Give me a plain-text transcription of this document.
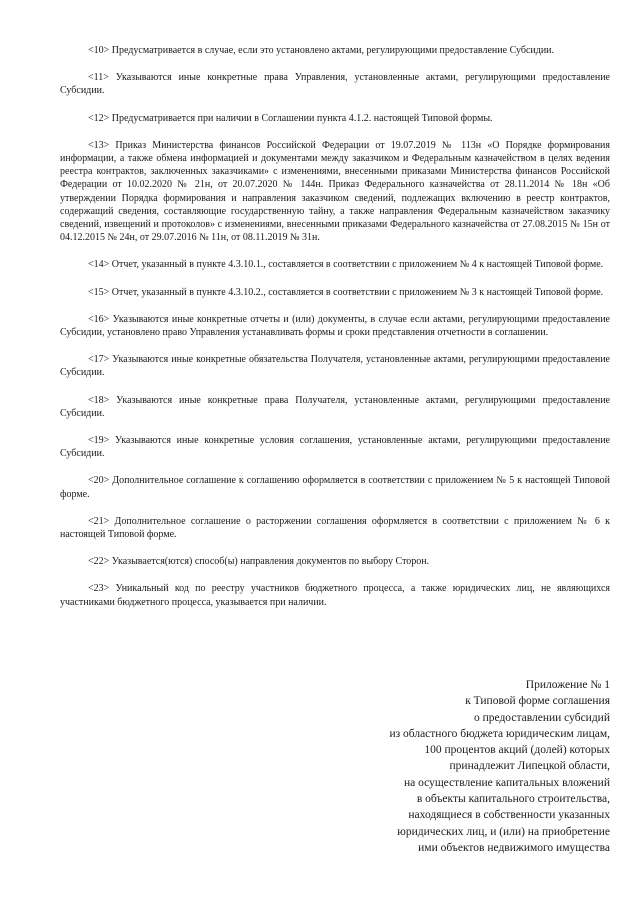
<10> Предусматривается в случае, если это установлено актами, регулирующими предоставление Субсидии.

<11> Указываются иные конкретные права Управления, установленные актами, регулирующими предоставление Субсидии.

<12> Предусматривается при наличии в Соглашении пункта 4.1.2. настоящей Типовой формы.

<13> Приказ Министерства финансов Российской Федерации от 19.07.2019 № 113н «О Порядке формирования информации, а также обмена информацией и документами между заказчиком и Федеральным казначейством в целях ведения реестра контрактов, заключенных заказчиками» с изменениями, внесенными приказами Министерства финансов Российской Федерации от 10.02.2020 № 21н, от 20.07.2020 № 144н. Приказ Федерального казначейства от 28.11.2014 № 18н «Об утверждении Порядка формирования и направления заказчиком сведений, подлежащих включению в реестр контрактов, содержащий сведения, составляющие государственную тайну, а также направления Федеральным казначейством заказчику сведений, извещений и протоколов» с изменениями, внесенными приказами Федерального казначейства от 27.08.2015 № 15н от 04.12.2015 № 24н, от 29.07.2016 № 11н, от 08.11.2019 № 31н.

<14> Отчет, указанный в пункте 4.3.10.1., составляется в соответствии с приложением № 4 к настоящей Типовой форме.

<15> Отчет, указанный в пункте 4.3.10.2., составляется в соответствии с приложением № 3 к настоящей Типовой форме.

<16> Указываются иные конкретные отчеты и (или) документы, в случае если актами, регулирующими предоставление Субсидии, установлено право Управления устанавливать формы и сроки представления отчетности в соглашении.

<17> Указываются иные конкретные обязательства Получателя, установленные актами, регулирующими предоставление Субсидии.

<18> Указываются иные конкретные права Получателя, установленные актами, регулирующими предоставление Субсидии.

<19> Указываются иные конкретные условия соглашения, установленные актами, регулирующими предоставление Субсидии.

<20> Дополнительное соглашение к соглашению оформляется в соответствии с приложением № 5 к настоящей Типовой форме.

<21> Дополнительное соглашение о расторжении соглашения оформляется в соответствии с приложением № 6 к настоящей Типовой форме.

<22> Указывается(ются) способ(ы) направления документов по выбору Сторон.

<23> Уникальный код по реестру участников бюджетного процесса, а также юридических лиц, не являющихся участниками бюджетного процесса, указывается при наличии.

Приложение № 1
к Типовой форме соглашения
о предоставлении субсидий
из областного бюджета юридическим лицам,
100 процентов акций (долей) которых
принадлежит Липецкой области,
на осуществление капитальных вложений
в объекты капитального строительства,
находящиеся в собственности указанных
юридических лиц, и (или) на приобретение
ими объектов недвижимого имущества
